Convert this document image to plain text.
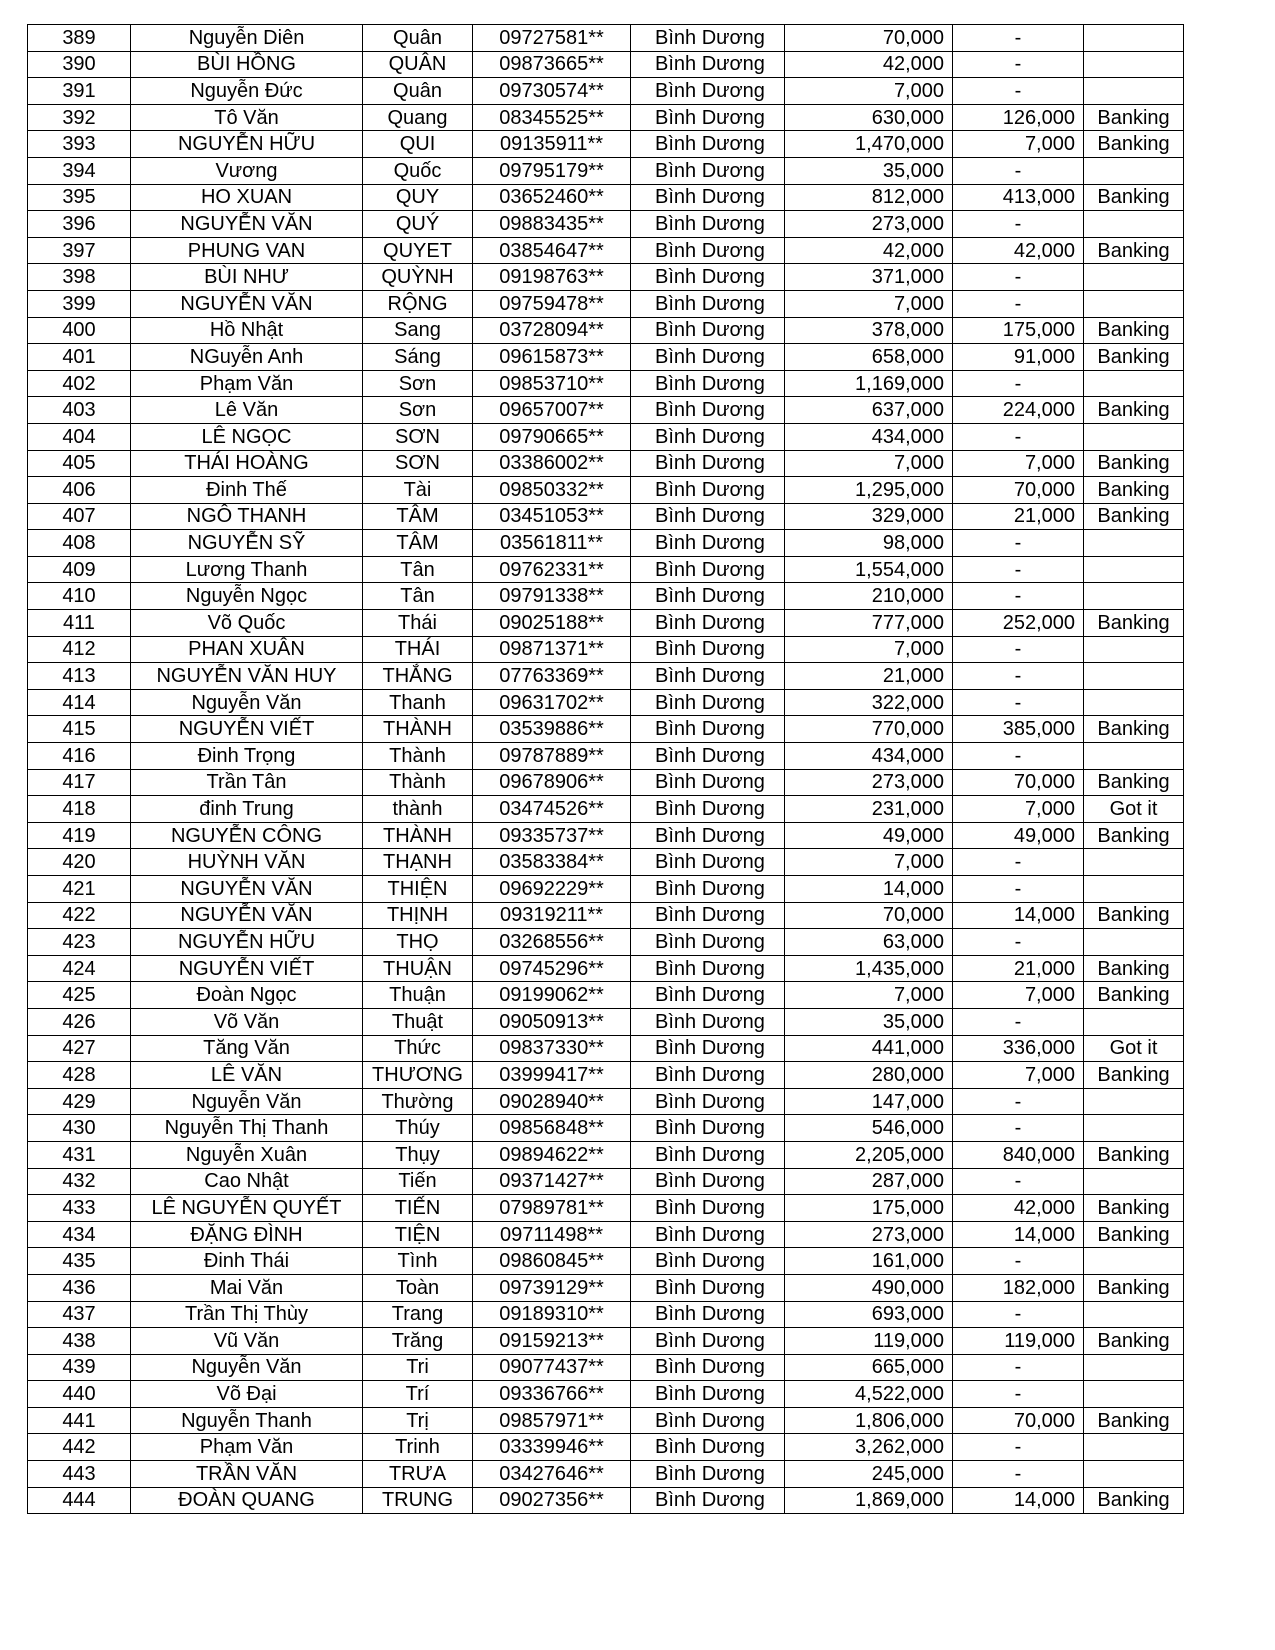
389	Nguyễn Diên	Quân	09727581**	Bình Dương	70,000	-	
390	BÙI HỒNG	QUÂN	09873665**	Bình Dương	42,000	-	
391	Nguyễn Đức	Quân	09730574**	Bình Dương	7,000	-	
392	Tô Văn	Quang	08345525**	Bình Dương	630,000	126,000	Banking
393	NGUYỄN HỮU	QUI	09135911**	Bình Dương	1,470,000	7,000	Banking
394	Vương	Quốc	09795179**	Bình Dương	35,000	-	
395	HO XUAN	QUY	03652460**	Bình Dương	812,000	413,000	Banking
396	NGUYỄN VĂN	QUÝ	09883435**	Bình Dương	273,000	-	
397	PHUNG VAN	QUYET	03854647**	Bình Dương	42,000	42,000	Banking
398	BÙI NHƯ	QUỲNH	09198763**	Bình Dương	371,000	-	
399	NGUYỄN VĂN	RỘNG	09759478**	Bình Dương	7,000	-	
400	Hồ Nhật	Sang	03728094**	Bình Dương	378,000	175,000	Banking
401	NGuyễn Anh	Sáng	09615873**	Bình Dương	658,000	91,000	Banking
402	Phạm Văn	Sơn	09853710**	Bình Dương	1,169,000	-	
403	Lê Văn	Sơn	09657007**	Bình Dương	637,000	224,000	Banking
404	LÊ NGỌC	SƠN	09790665**	Bình Dương	434,000	-	
405	THÁI HOÀNG	SƠN	03386002**	Bình Dương	7,000	7,000	Banking
406	Đinh Thế	Tài	09850332**	Bình Dương	1,295,000	70,000	Banking
407	NGÔ THANH	TÂM	03451053**	Bình Dương	329,000	21,000	Banking
408	NGUYỄN SỸ	TÂM	03561811**	Bình Dương	98,000	-	
409	Lương Thanh	Tân	09762331**	Bình Dương	1,554,000	-	
410	Nguyễn Ngọc	Tân	09791338**	Bình Dương	210,000	-	
411	Võ Quốc	Thái	09025188**	Bình Dương	777,000	252,000	Banking
412	PHAN XUÂN	THÁI	09871371**	Bình Dương	7,000	-	
413	NGUYỄN VĂN HUY	THẮNG	07763369**	Bình Dương	21,000	-	
414	Nguyễn Văn	Thanh	09631702**	Bình Dương	322,000	-	
415	NGUYỄN VIẾT	THÀNH	03539886**	Bình Dương	770,000	385,000	Banking
416	Đinh Trọng	Thành	09787889**	Bình Dương	434,000	-	
417	Trần Tân	Thành	09678906**	Bình Dương	273,000	70,000	Banking
418	đinh Trung	thành	03474526**	Bình Dương	231,000	7,000	Got it
419	NGUYỄN CÔNG	THÀNH	09335737**	Bình Dương	49,000	49,000	Banking
420	HUỲNH VĂN	THẠNH	03583384**	Bình Dương	7,000	-	
421	NGUYỄN VĂN	THIỆN	09692229**	Bình Dương	14,000	-	
422	NGUYỄN VĂN	THỊNH	09319211**	Bình Dương	70,000	14,000	Banking
423	NGUYỄN HỮU	THỌ	03268556**	Bình Dương	63,000	-	
424	NGUYỄN VIẾT	THUẬN	09745296**	Bình Dương	1,435,000	21,000	Banking
425	Đoàn Ngọc	Thuận	09199062**	Bình Dương	7,000	7,000	Banking
426	Võ Văn	Thuật	09050913**	Bình Dương	35,000	-	
427	Tăng Văn	Thức	09837330**	Bình Dương	441,000	336,000	Got it
428	LÊ VĂN	THƯƠNG	03999417**	Bình Dương	280,000	7,000	Banking
429	Nguyễn Văn	Thường	09028940**	Bình Dương	147,000	-	
430	Nguyễn Thị Thanh	Thúy	09856848**	Bình Dương	546,000	-	
431	Nguyễn Xuân	Thụy	09894622**	Bình Dương	2,205,000	840,000	Banking
432	Cao Nhật	Tiến	09371427**	Bình Dương	287,000	-	
433	LÊ NGUYỄN QUYẾT	TIẾN	07989781**	Bình Dương	175,000	42,000	Banking
434	ĐẶNG ĐÌNH	TIỆN	09711498**	Bình Dương	273,000	14,000	Banking
435	Đinh Thái	Tình	09860845**	Bình Dương	161,000	-	
436	Mai Văn	Toàn	09739129**	Bình Dương	490,000	182,000	Banking
437	Trần Thị Thùy	Trang	09189310**	Bình Dương	693,000	-	
438	Vũ Văn	Trăng	09159213**	Bình Dương	119,000	119,000	Banking
439	Nguyễn Văn	Tri	09077437**	Bình Dương	665,000	-	
440	Võ Đại	Trí	09336766**	Bình Dương	4,522,000	-	
441	Nguyễn Thanh	Trị	09857971**	Bình Dương	1,806,000	70,000	Banking
442	Phạm Văn	Trinh	03339946**	Bình Dương	3,262,000	-	
443	TRẦN VĂN	TRƯA	03427646**	Bình Dương	245,000	-	
444	ĐOÀN QUANG	TRUNG	09027356**	Bình Dương	1,869,000	14,000	Banking
